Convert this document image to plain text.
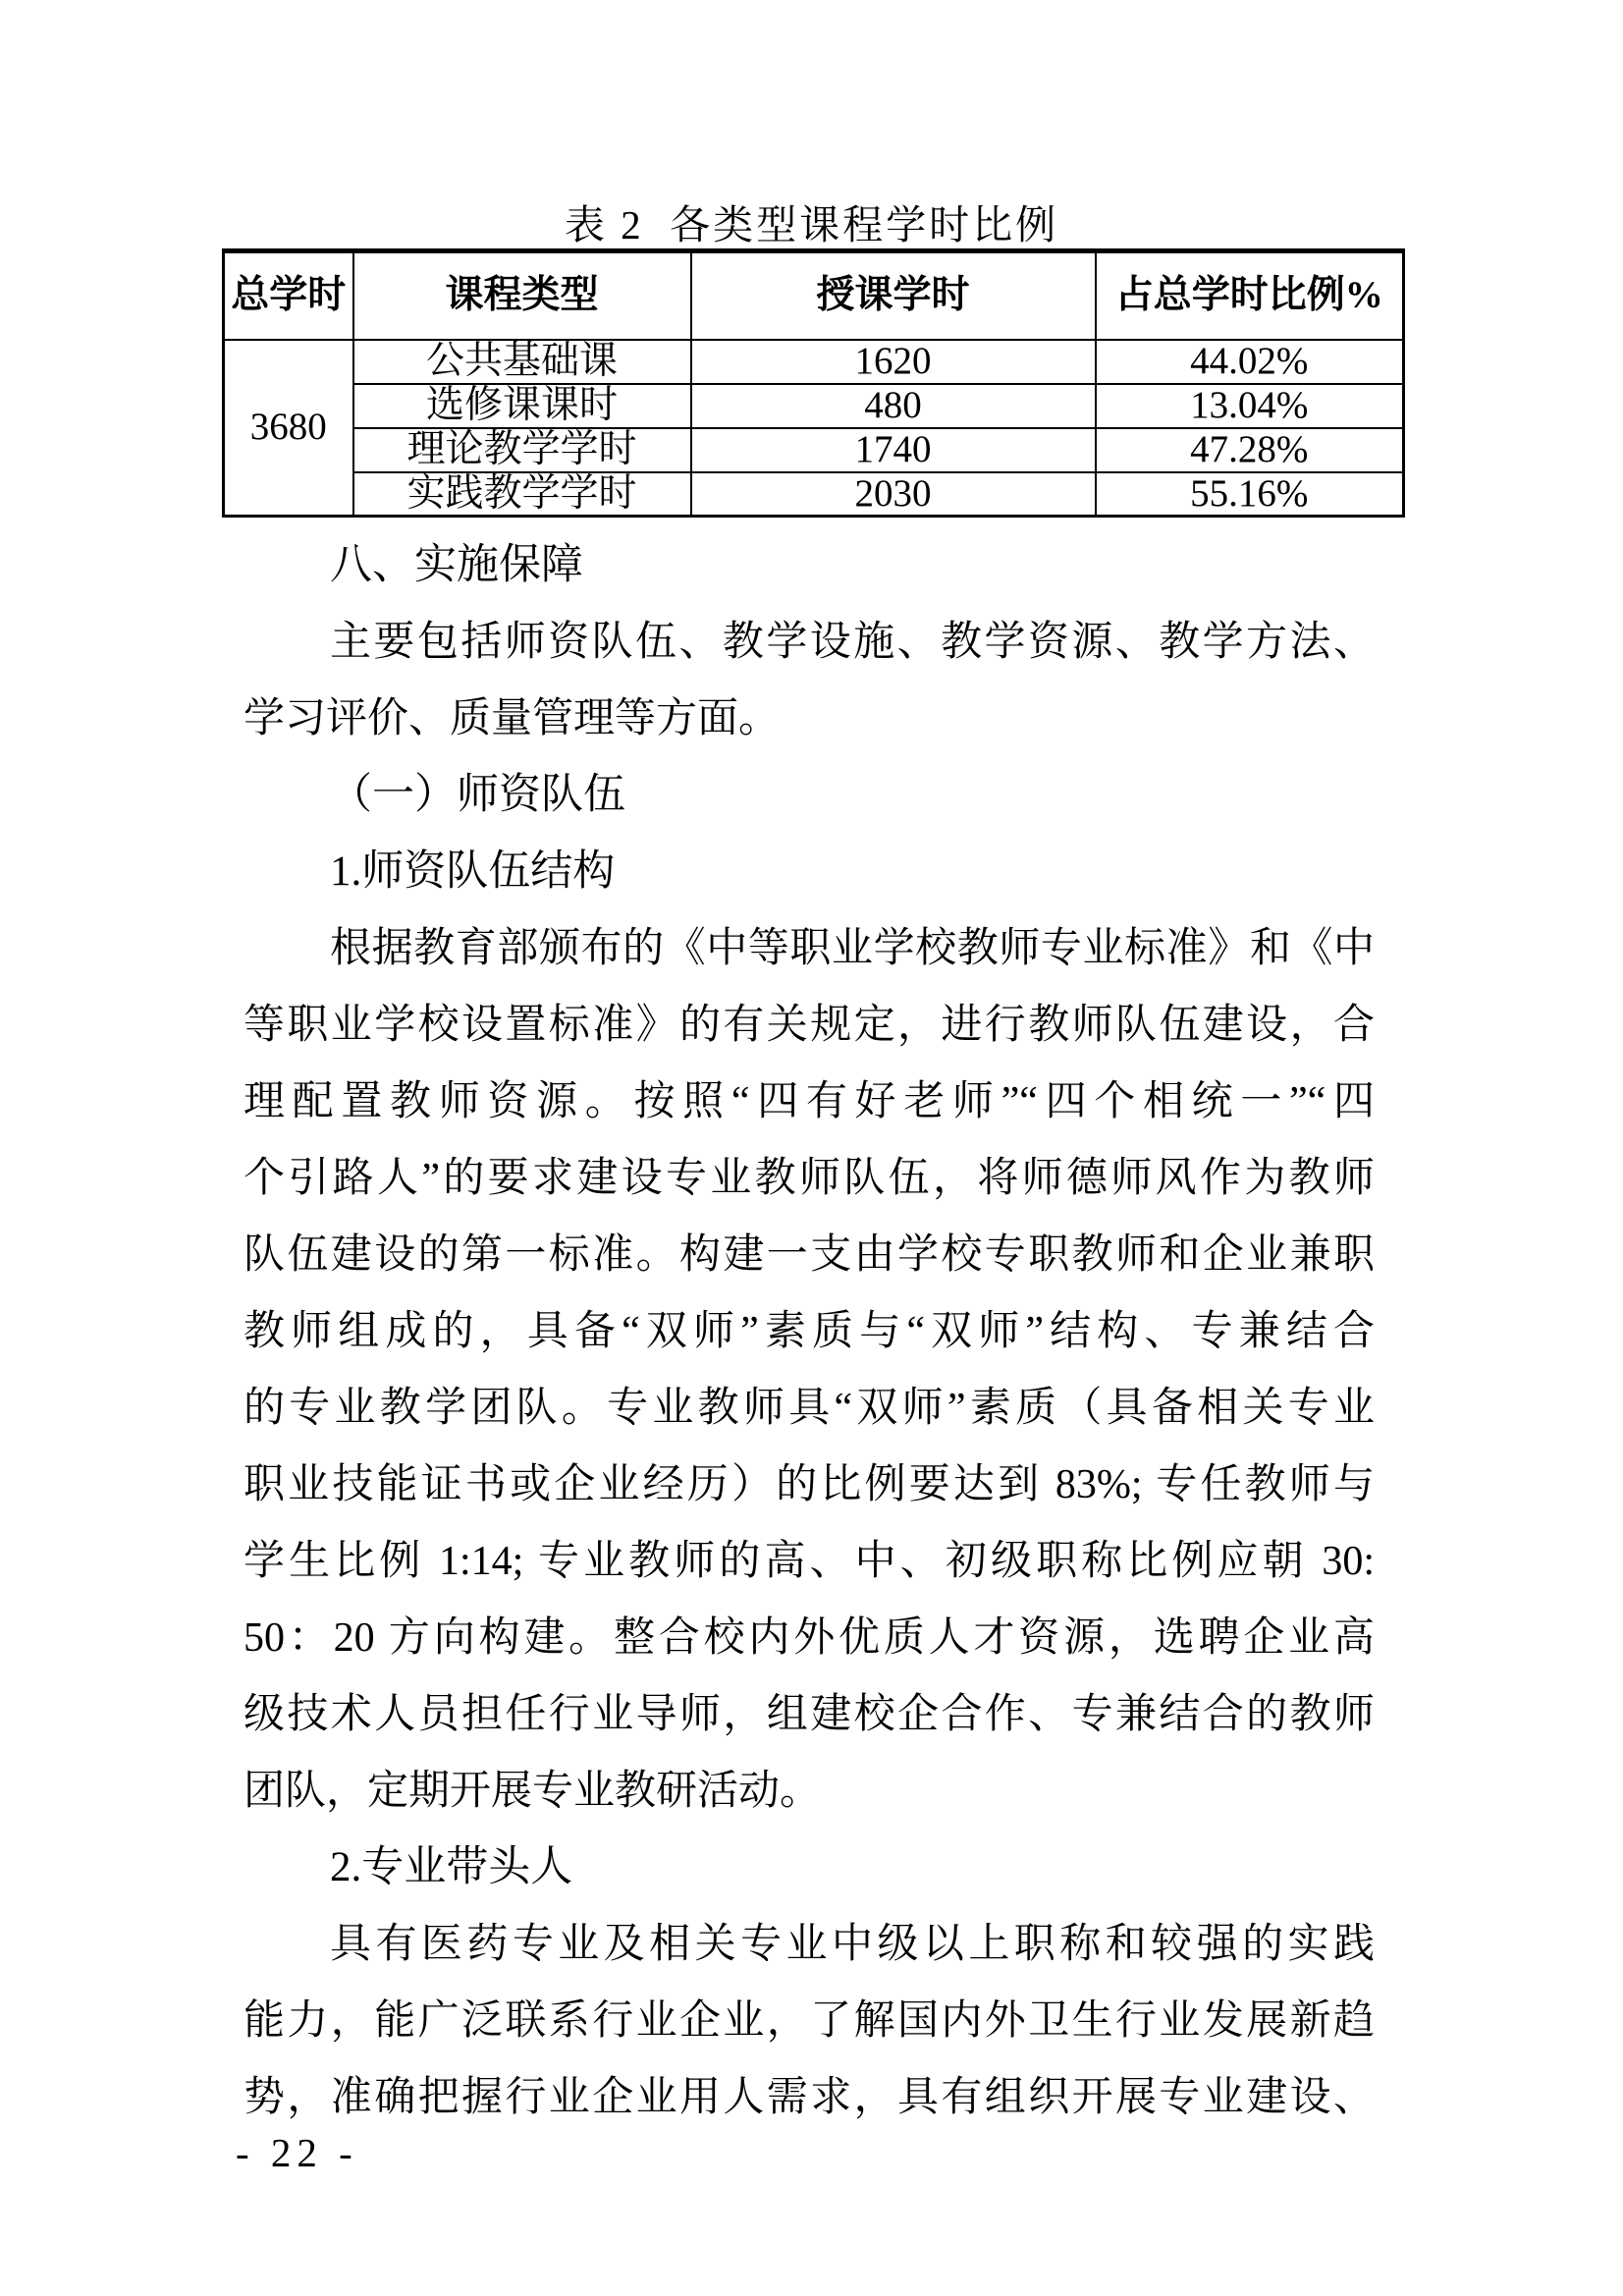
表 2  各类型课程学时比例
总学时	课程类型	授课学时	占总学时比例%
3680	公共基础课	1620	44.02%
	选修课课时	480	13.04%
	理论教学学时	1740	47.28%
	实践教学学时	2030	55.16%
八、实施保障
主要包括师资队伍、教学设施、教学资源、教学方法、
学习评价、质量管理等方面。
（一）师资队伍
1.师资队伍结构
根据教育部颁布的《中等职业学校教师专业标准》和《中
等职业学校设置标准》的有关规定，进行教师队伍建设，合
理配置教师资源。按照“四有好老师”“四个相统一”“四
个引路人”的要求建设专业教师队伍，将师德师风作为教师
队伍建设的第一标准。构建一支由学校专职教师和企业兼职
教师组成的，具备“双师”素质与“双师”结构、专兼结合
的专业教学团队。专业教师具“双师”素质（具备相关专业
职业技能证书或企业经历）的比例要达到 83%; 专任教师与
学生比例 1:14; 专业教师的高、中、初级职称比例应朝 30:
50：20 方向构建。整合校内外优质人才资源，选聘企业高
级技术人员担任行业导师，组建校企合作、专兼结合的教师
团队，定期开展专业教研活动。
2.专业带头人
具有医药专业及相关专业中级以上职称和较强的实践
能力，能广泛联系行业企业，了解国内外卫生行业发展新趋
势，准确把握行业企业用人需求，具有组织开展专业建设、
- 22 -
